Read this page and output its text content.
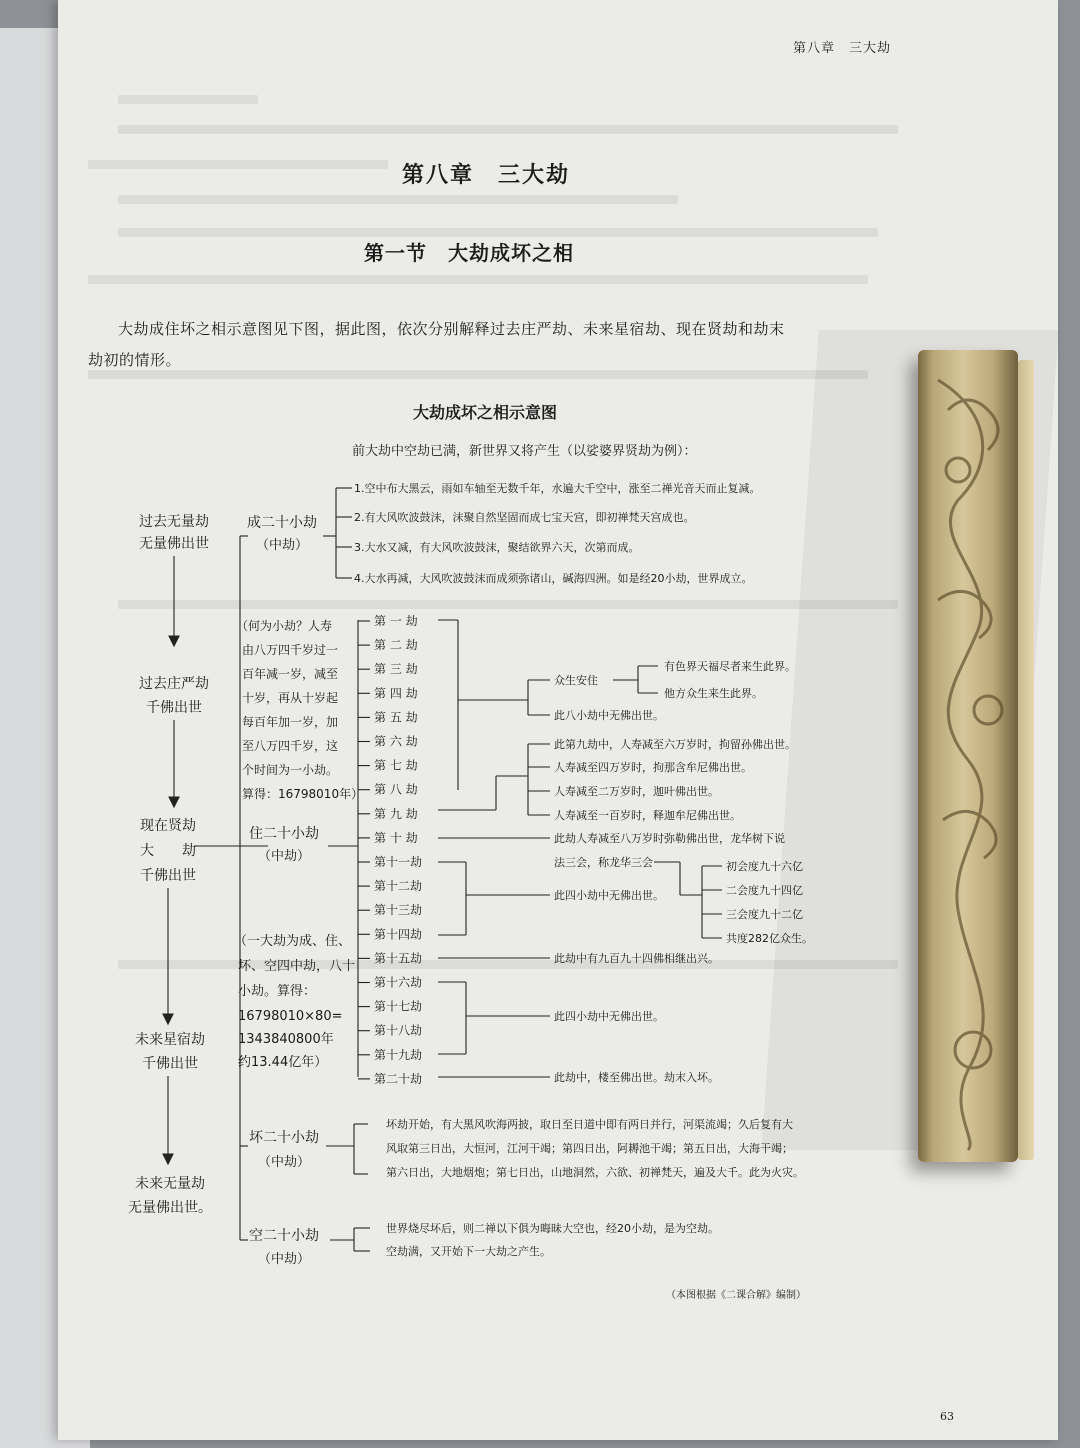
第八章　三大劫
第八章　三大劫
第一节　大劫成坏之相
大劫成住坏之相示意图见下图，据此图，依次分别解释过去庄严劫、未来星宿劫、现在贤劫和劫末
劫初的情形。
大劫成坏之相示意图
前大劫中空劫已满，新世界又将产生（以娑婆界贤劫为例）：
过去无量劫
无量佛出世
过去庄严劫
千佛出世
现在贤劫
大　　劫
千佛出世
未来星宿劫
千佛出世
未来无量劫
无量佛出世。
成二十小劫
（中劫）
1.空中布大黑云，雨如车轴至无数千年，水遍大千空中，涨至二禅光音天而止复减。
2.有大风吹波鼓沫，沫聚自然坚固而成七宝天宫，即初禅梵天宫成也。
3.大水又减，有大风吹波鼓沫，聚结欲界六天，次第而成。
4.大水再减，大风吹波鼓沫而成须弥诸山，碱海四洲。如是经20小劫，世界成立。
（何为小劫？人寿
由八万四千岁过一
百年减一岁，减至
十岁，再从十岁起
每百年加一岁，加
至八万四千岁，这
个时间为一小劫。
算得：16798010年）
住二十小劫
（中劫）
第 一 劫
第 二 劫
第 三 劫
第 四 劫
第 五 劫
第 六 劫
第 七 劫
第 八 劫
第 九 劫
第 十 劫
第十一劫
第十二劫
第十三劫
第十四劫
第十五劫
第十六劫
第十七劫
第十八劫
第十九劫
第二十劫
（一大劫为成、住、
坏、空四中劫，八十
小劫。算得：
16798010×80=
1343840800年
约13.44亿年）
众生安住
有色界天福尽者来生此界。
他方众生来生此界。
此八小劫中无佛出世。
此第九劫中，人寿减至六万岁时，拘留孙佛出世。
人寿减至四万岁时，拘那含牟尼佛出世。
人寿减至二万岁时，迦叶佛出世。
人寿减至一百岁时，释迦牟尼佛出世。
此劫人寿减至八万岁时弥勒佛出世，龙华树下说
法三会，称龙华三会	初会度九十六亿
二会度九十四亿
三会度九十二亿
共度282亿众生。
此四小劫中无佛出世。
此劫中有九百九十四佛相继出兴。
此四小劫中无佛出世。
此劫中，楼至佛出世。劫末入坏。
坏二十小劫
（中劫）
坏劫开始，有大黑风吹海两披，取日至日道中即有两日并行，河渠流竭；久后复有大
风取第三日出，大恒河，江河干竭；第四日出，阿耨池干竭；第五日出，大海干竭；
第六日出，大地烟炮；第七日出，山地洞然，六欲、初禅梵天，遍及大千。此为火灾。
空二十小劫
（中劫）
世界烧尽坏后，则二禅以下俱为晦昧大空也，经20小劫，是为空劫。
空劫满，又开始下一大劫之产生。
（本图根据《二课合解》编制）
63
